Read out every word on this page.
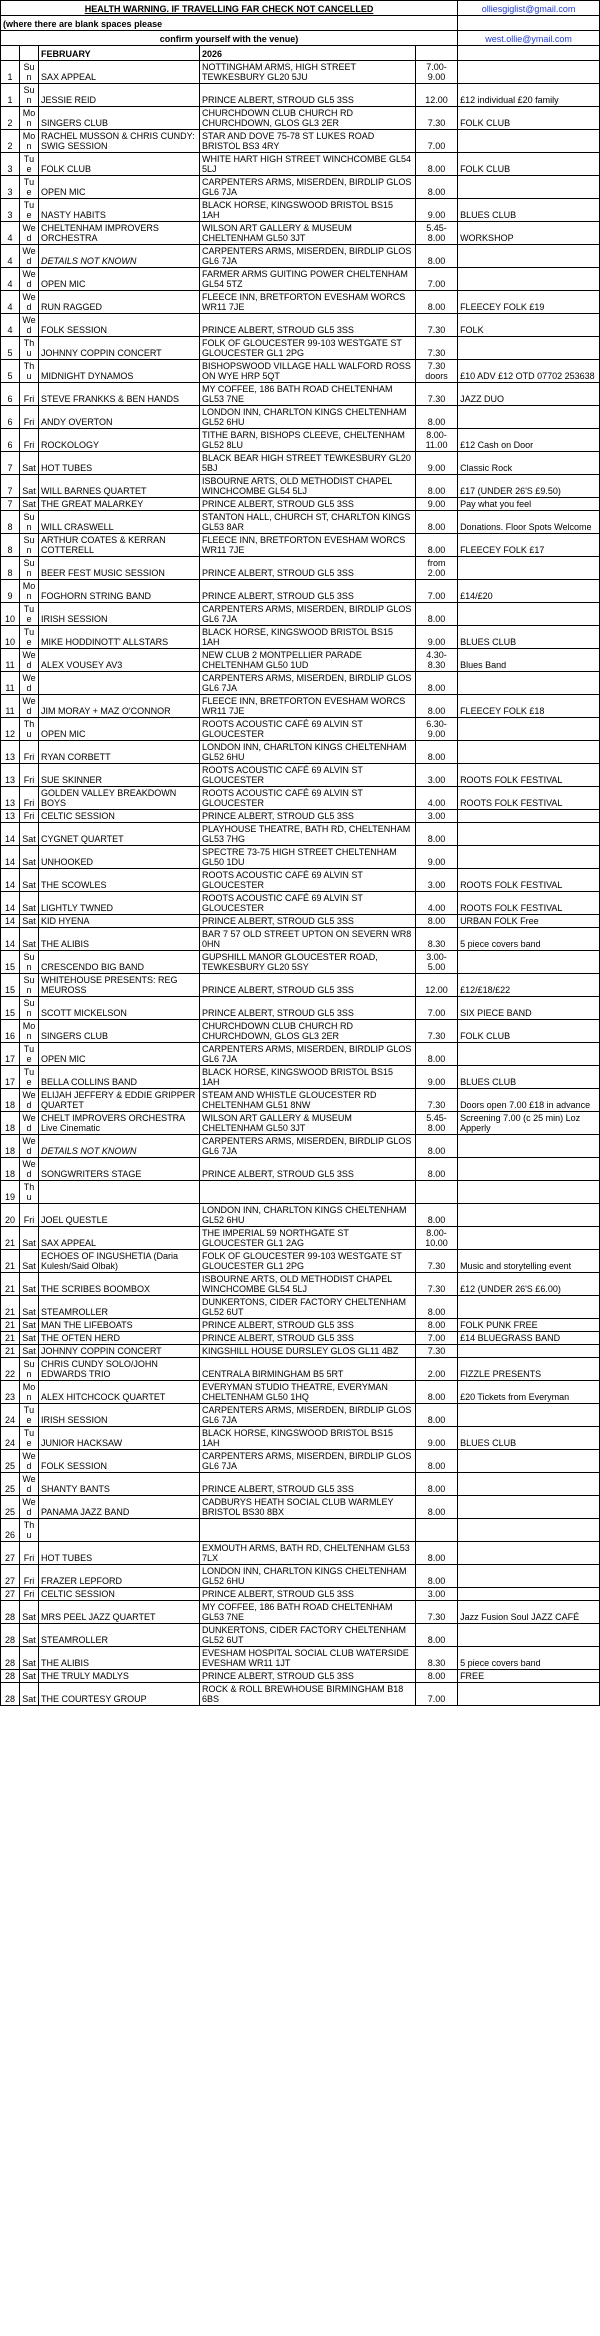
HEALTH WARNING. IF TRAVELLING FAR CHECK NOT CANCELLED					olliesgiglist@gmail.com
(where there are blank spaces please					
confirm yourself with the venue)					west.ollie@ymail.com
		FEBRUARY	2026		
1	Sun	SAX APPEAL	NOTTINGHAM ARMS, HIGH STREET TEWKESBURY GL20 5JU	7.00-9.00	
1	Sun	JESSIE REID	PRINCE ALBERT, STROUD GL5 3SS	12.00	£12 individual £20 family
2	Mon	SINGERS CLUB	CHURCHDOWN CLUB CHURCH RD CHURCHDOWN, GLOS GL3 2ER	7.30	FOLK CLUB
2	Mon	RACHEL MUSSON & CHRIS CUNDY: SWIG SESSION	STAR AND DOVE 75-78 ST LUKES ROAD BRISTOL BS3 4RY	7.00	
3	Tue	FOLK CLUB	WHITE HART HIGH STREET WINCHCOMBE GL54 5LJ	8.00	FOLK CLUB
3	Tue	OPEN MIC	CARPENTERS ARMS, MISERDEN, BIRDLIP GLOS GL6 7JA	8.00	
3	Tue	NASTY HABITS	BLACK HORSE, KINGSWOOD BRISTOL BS15 1AH	9.00	BLUES CLUB
4	Wed	CHELTENHAM IMPROVERS ORCHESTRA	WILSON ART GALLERY & MUSEUM CHELTENHAM GL50 3JT	5.45-8.00	WORKSHOP
4	Wed	DETAILS NOT KNOWN	CARPENTERS ARMS, MISERDEN, BIRDLIP GLOS GL6 7JA	8.00	
4	Wed	OPEN MIC	FARMER ARMS GUITING POWER CHELTENHAM GL54 5TZ	7.00	
4	Wed	RUN RAGGED	FLEECE INN, BRETFORTON EVESHAM WORCS WR11 7JE	8.00	FLEECEY FOLK £19
4	Wed	FOLK SESSION	PRINCE ALBERT, STROUD GL5 3SS	7.30	FOLK
5	Thu	JOHNNY COPPIN CONCERT	FOLK OF GLOUCESTER 99-103 WESTGATE ST GLOUCESTER GL1 2PG	7.30	
5	Thu	MIDNIGHT DYNAMOS	BISHOPSWOOD VILLAGE HALL WALFORD ROSS ON WYE HRP 5QT	7.30 doors	£10 ADV £12 OTD 07702 253638
6	Fri	STEVE FRANKKS & BEN HANDS	MY COFFEE, 186 BATH ROAD CHELTENHAM GL53 7NE	7.30	JAZZ DUO
6	Fri	ANDY OVERTON	LONDON INN, CHARLTON KINGS CHELTENHAM GL52 6HU	8.00	
6	Fri	ROCKOLOGY	TITHE BARN, BISHOPS CLEEVE, CHELTENHAM GL52 8LU	8.00-11.00	£12 Cash on Door
7	Sat	HOT TUBES	BLACK BEAR HIGH STREET TEWKESBURY GL20 5BJ	9.00	Classic Rock
7	Sat	WILL BARNES QUARTET	ISBOURNE ARTS, OLD METHODIST CHAPEL WINCHCOMBE GL54 5LJ	8.00	£17 (UNDER 26'S £9.50)
7	Sat	THE GREAT MALARKEY	PRINCE ALBERT, STROUD GL5 3SS	9.00	Pay what you feel
8	Sun	WILL CRASWELL	STANTON HALL, CHURCH ST, CHARLTON KINGS GL53 8AR	8.00	Donations. Floor Spots Welcome
8	Sun	ARTHUR COATES & KERRAN COTTERELL	FLEECE INN, BRETFORTON EVESHAM WORCS WR11 7JE	8.00	FLEECEY FOLK £17
8	Sun	BEER FEST MUSIC SESSION	PRINCE ALBERT, STROUD GL5 3SS	from 2.00	
9	Mon	FOGHORN STRING BAND	PRINCE ALBERT, STROUD GL5 3SS	7.00	£14/£20
10	Tue	IRISH SESSION	CARPENTERS ARMS, MISERDEN, BIRDLIP GLOS GL6 7JA	8.00	
10	Tue	MIKE HODDINOTT' ALLSTARS	BLACK HORSE, KINGSWOOD BRISTOL BS15 1AH	9.00	BLUES CLUB
11	Wed	ALEX VOUSEY AV3	NEW CLUB 2 MONTPELLIER PARADE CHELTENHAM GL50 1UD	4.30-8.30	Blues Band
11	Wed		CARPENTERS ARMS, MISERDEN, BIRDLIP GLOS GL6 7JA	8.00	
11	Wed	JIM MORAY + MAZ O'CONNOR	FLEECE INN, BRETFORTON EVESHAM WORCS WR11 7JE	8.00	FLEECEY FOLK £18
12	Thu	OPEN MIC	ROOTS ACOUSTIC CAFÉ 69 ALVIN ST GLOUCESTER	6.30-9.00	
13	Fri	RYAN CORBETT	LONDON INN, CHARLTON KINGS CHELTENHAM GL52 6HU	8.00	
13	Fri	SUE SKINNER	ROOTS ACOUSTIC CAFÉ 69 ALVIN ST GLOUCESTER	3.00	ROOTS FOLK FESTIVAL
13	Fri	GOLDEN VALLEY BREAKDOWN BOYS	ROOTS ACOUSTIC CAFÉ 69 ALVIN ST GLOUCESTER	4.00	ROOTS FOLK FESTIVAL
13	Fri	CELTIC SESSION	PRINCE ALBERT, STROUD GL5 3SS	3.00	
14	Sat	CYGNET QUARTET	PLAYHOUSE THEATRE, BATH RD, CHELTENHAM GL53 7HG	8.00	
14	Sat	UNHOOKED	SPECTRE 73-75 HIGH STREET CHELTENHAM GL50 1DU	9.00	
14	Sat	THE SCOWLES	ROOTS ACOUSTIC CAFÉ 69 ALVIN ST GLOUCESTER	3.00	ROOTS FOLK FESTIVAL
14	Sat	LIGHTLY TWNED	ROOTS ACOUSTIC CAFÉ 69 ALVIN ST GLOUCESTER	4.00	ROOTS FOLK FESTIVAL
14	Sat	KID HYENA	PRINCE ALBERT, STROUD GL5 3SS	8.00	URBAN FOLK Free
14	Sat	THE ALIBIS	BAR 7 57 OLD STREET UPTON ON SEVERN WR8 0HN	8.30	5 piece covers band
15	Sun	CRESCENDO BIG BAND	GUPSHILL MANOR GLOUCESTER ROAD, TEWKESBURY GL20 5SY	3.00-5.00	
15	Sun	WHITEHOUSE PRESENTS: REG MEUROSS	PRINCE ALBERT, STROUD GL5 3SS	12.00	£12/£18/£22
15	Sun	SCOTT MICKELSON	PRINCE ALBERT, STROUD GL5 3SS	7.00	SIX PIECE BAND
16	Mon	SINGERS CLUB	CHURCHDOWN CLUB CHURCH RD CHURCHDOWN, GLOS GL3 2ER	7.30	FOLK CLUB
17	Tue	OPEN MIC	CARPENTERS ARMS, MISERDEN, BIRDLIP GLOS GL6 7JA	8.00	
17	Tue	BELLA COLLINS BAND	BLACK HORSE, KINGSWOOD BRISTOL BS15 1AH	9.00	BLUES CLUB
18	Wed	ELIJAH JEFFERY & EDDIE GRIPPER QUARTET	STEAM AND WHISTLE GLOUCESTER RD CHELTENHAM GL51 8NW	7.30	Doors open 7.00 £18 in advance
18	Wed	CHELT IMPROVERS ORCHESTRA Live Cinematic	WILSON ART GALLERY & MUSEUM CHELTENHAM GL50 3JT	5.45-8.00	Screening 7.00 (c 25 min) Loz Apperly
18	Wed	DETAILS NOT KNOWN	CARPENTERS ARMS, MISERDEN, BIRDLIP GLOS GL6 7JA	8.00	
18	Wed	SONGWRITERS STAGE	PRINCE ALBERT, STROUD GL5 3SS	8.00	
19	Thu				
20	Fri	JOEL QUESTLE	LONDON INN, CHARLTON KINGS CHELTENHAM GL52 6HU	8.00	
21	Sat	SAX APPEAL	THE IMPERIAL 59 NORTHGATE ST GLOUCESTER GL1 2AG	8.00-10.00	
21	Sat	ECHOES OF INGUSHETIA (Daria Kulesh/Said Olbak)	FOLK OF GLOUCESTER 99-103 WESTGATE ST GLOUCESTER GL1 2PG	7.30	Music and storytelling event
21	Sat	THE SCRIBES BOOMBOX	ISBOURNE ARTS, OLD METHODIST CHAPEL WINCHCOMBE GL54 5LJ	7.30	£12 (UNDER 26'S £6.00)
21	Sat	STEAMROLLER	DUNKERTONS, CIDER FACTORY CHELTENHAM GL52 6UT	8.00	
21	Sat	MAN THE LIFEBOATS	PRINCE ALBERT, STROUD GL5 3SS	8.00	FOLK PUNK FREE
21	Sat	THE OFTEN HERD	PRINCE ALBERT, STROUD GL5 3SS	7.00	£14 BLUEGRASS BAND
21	Sat	JOHNNY COPPIN CONCERT	KINGSHILL HOUSE DURSLEY GLOS GL11 4BZ	7.30	
22	Sun	CHRIS CUNDY SOLO/JOHN EDWARDS TRIO	CENTRALA BIRMINGHAM B5 5RT	2.00	FIZZLE PRESENTS
23	Mon	ALEX HITCHCOCK QUARTET	EVERYMAN STUDIO THEATRE, EVERYMAN CHELTENHAM GL50 1HQ	8.00	£20 Tickets from Everyman
24	Tue	IRISH SESSION	CARPENTERS ARMS, MISERDEN, BIRDLIP GLOS GL6 7JA	8.00	
24	Tue	JUNIOR HACKSAW	BLACK HORSE, KINGSWOOD BRISTOL BS15 1AH	9.00	BLUES CLUB
25	Wed	FOLK SESSION	CARPENTERS ARMS, MISERDEN, BIRDLIP GLOS GL6 7JA	8.00	
25	Wed	SHANTY BANTS	PRINCE ALBERT, STROUD GL5 3SS	8.00	
25	Wed	PANAMA JAZZ BAND	CADBURYS HEATH SOCIAL CLUB WARMLEY BRISTOL BS30 8BX	8.00	
26	Thu				
27	Fri	HOT TUBES	EXMOUTH ARMS, BATH RD, CHELTENHAM GL53 7LX	8.00	
27	Fri	FRAZER LEPFORD	LONDON INN, CHARLTON KINGS CHELTENHAM GL52 6HU	8.00	
27	Fri	CELTIC SESSION	PRINCE ALBERT, STROUD GL5 3SS	3.00	
28	Sat	MRS PEEL JAZZ QUARTET	MY COFFEE, 186 BATH ROAD CHELTENHAM GL53 7NE	7.30	Jazz Fusion Soul JAZZ CAFÉ
28	Sat	STEAMROLLER	DUNKERTONS, CIDER FACTORY CHELTENHAM GL52 6UT	8.00	
28	Sat	THE ALIBIS	EVESHAM HOSPITAL SOCIAL CLUB WATERSIDE EVESHAM WR11 1JT	8.30	5 piece covers band
28	Sat	THE TRULY MADLYS	PRINCE ALBERT, STROUD GL5 3SS	8.00	FREE
28	Sat	THE COURTESY GROUP	ROCK & ROLL BREWHOUSE BIRMINGHAM B18 6BS	7.00	
